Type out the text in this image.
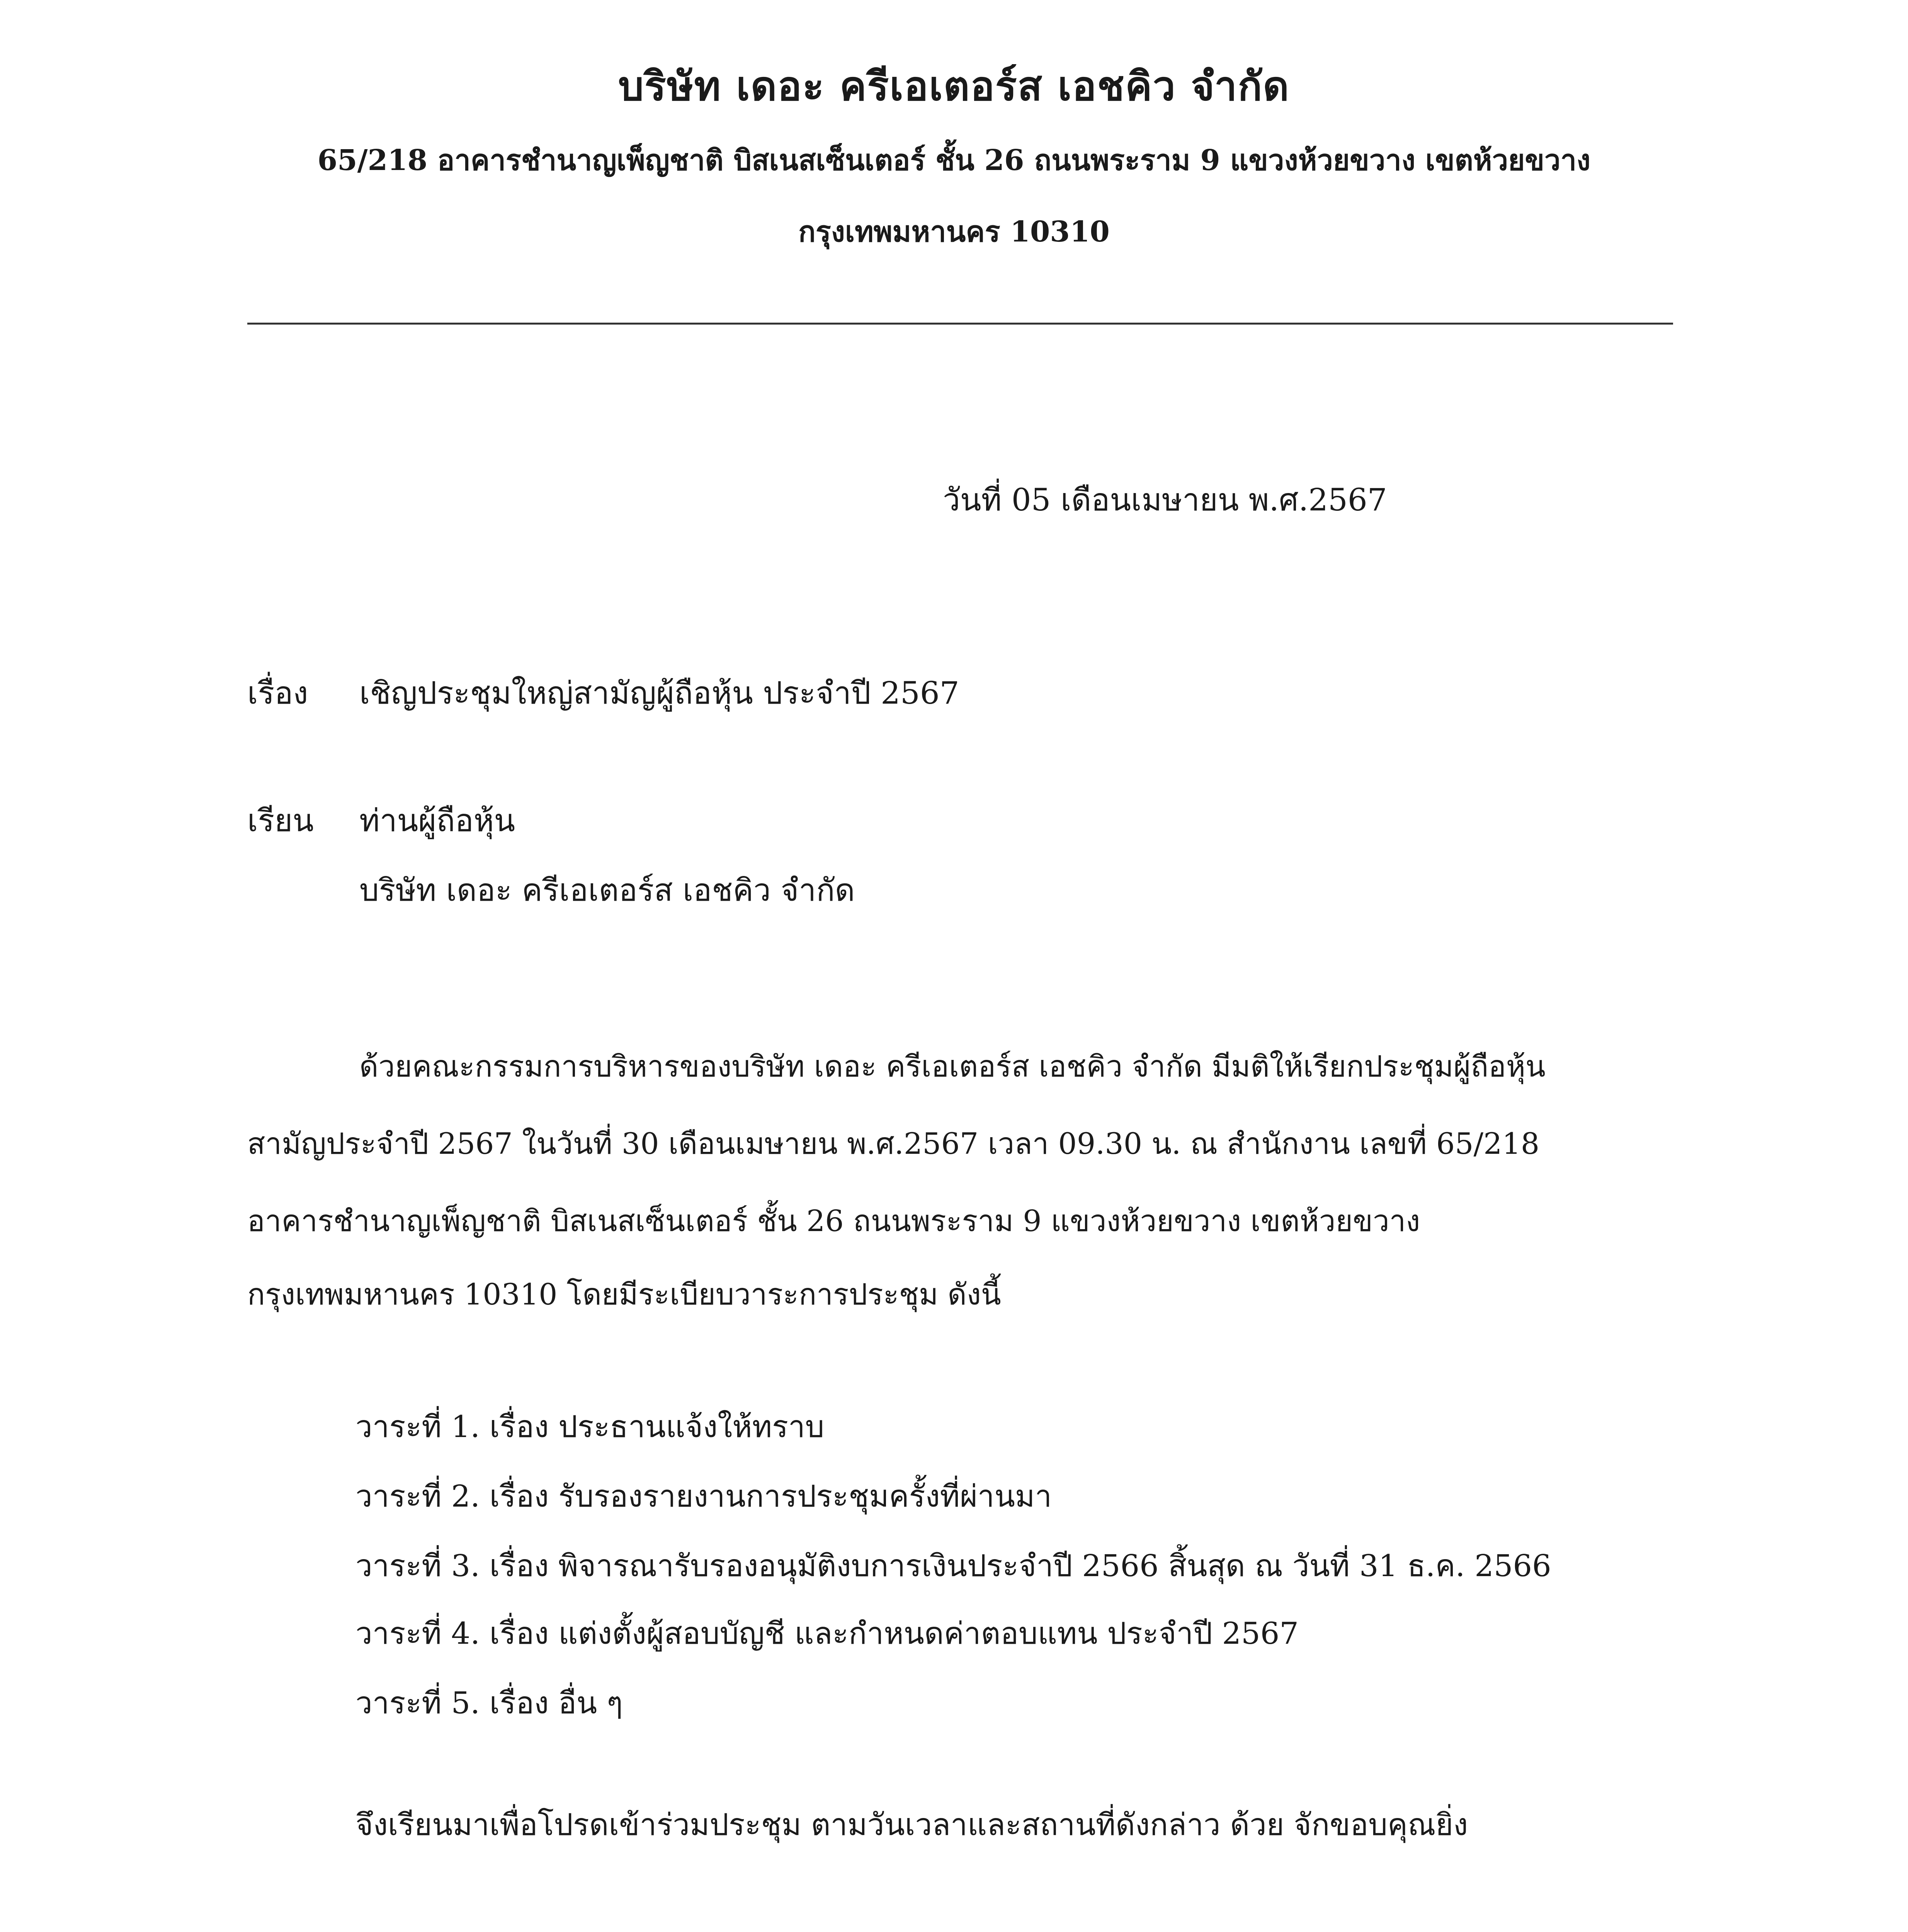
บริษัท เดอะ ครีเอเตอร์ส เอชคิว จำกัด
65/218 อาคารชำนาญเพ็ญชาติ บิสเนสเซ็นเตอร์ ชั้น 26 ถนนพระราม 9 แขวงห้วยขวาง เขตห้วยขวาง
กรุงเทพมหานคร 10310
วันที่ 05 เดือนเมษายน พ.ศ.2567
เรื่อง เชิญประชุมใหญ่สามัญผู้ถือหุ้น ประจำปี 2567
เรียน ท่านผู้ถือหุ้น
บริษัท เดอะ ครีเอเตอร์ส เอชคิว จำกัด
ด้วยคณะกรรมการบริหารของบริษัท เดอะ ครีเอเตอร์ส เอชคิว จำกัด มีมติให้เรียกประชุมผู้ถือหุ้น
สามัญประจำปี 2567 ในวันที่ 30 เดือนเมษายน พ.ศ.2567 เวลา 09.30 น. ณ สำนักงาน เลขที่ 65/218
อาคารชำนาญเพ็ญชาติ บิสเนสเซ็นเตอร์ ชั้น 26 ถนนพระราม 9 แขวงห้วยขวาง เขตห้วยขวาง
กรุงเทพมหานคร 10310 โดยมีระเบียบวาระการประชุม ดังนี้
วาระที่ 1. เรื่อง ประธานแจ้งให้ทราบ
วาระที่ 2. เรื่อง รับรองรายงานการประชุมครั้งที่ผ่านมา
วาระที่ 3. เรื่อง พิจารณารับรองอนุมัติงบการเงินประจำปี 2566 สิ้นสุด ณ วันที่ 31 ธ.ค. 2566
วาระที่ 4. เรื่อง แต่งตั้งผู้สอบบัญชี และกำหนดค่าตอบแทน ประจำปี 2567
วาระที่ 5. เรื่อง อื่น ๆ
จึงเรียนมาเพื่อโปรดเข้าร่วมประชุม ตามวันเวลาและสถานที่ดังกล่าว ด้วย จักขอบคุณยิ่ง
